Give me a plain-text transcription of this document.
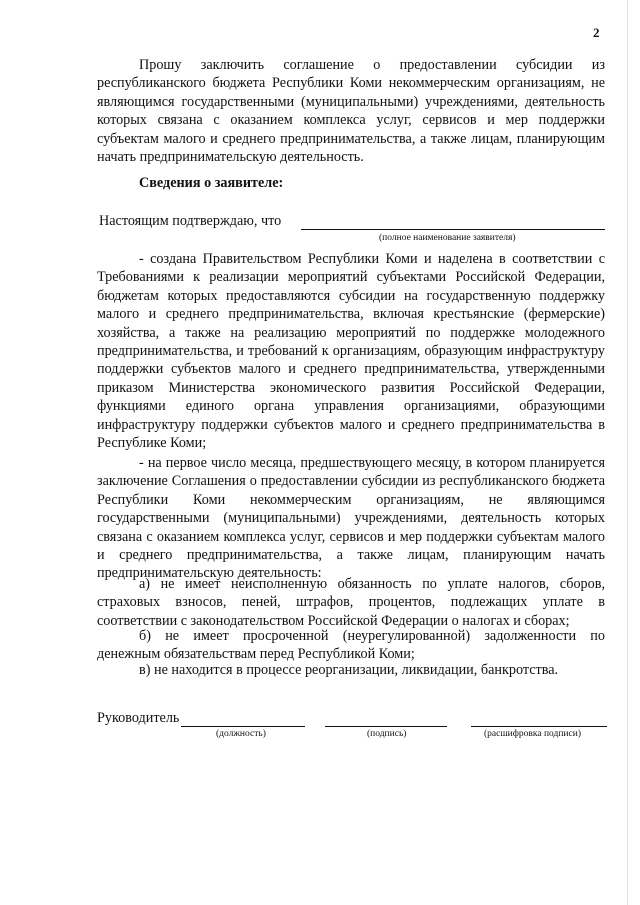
2

Прошу заключить соглашение о предоставлении субсидии из республиканского бюджета Республики Коми некоммерческим организациям, не являющимся государственными (муниципальными) учреждениями, деятельность которых связана с оказанием комплекса услуг, сервисов и мер поддержки субъектам малого и среднего предпринимательства, а также лицам, планирующим начать предпринимательскую деятельность.

Сведения о заявителе:
Настоящим подтверждаю, что
(полное наименование заявителя)

- создана Правительством Республики Коми и наделена в соответствии с Требованиями к реализации мероприятий субъектами Российской Федерации, бюджетам которых предоставляются субсидии на государственную поддержку малого и среднего предпринимательства, включая крестьянские (фермерские) хозяйства, а также на реализацию мероприятий по поддержке молодежного предпринимательства, и требований к организациям, образующим инфраструктуру поддержки субъектов малого и среднего предпринимательства, утвержденными приказом Министерства экономического развития Российской Федерации, функциями единого органа управления организациями, образующими инфраструктуру поддержки субъектов малого и среднего предпринимательства в Республике Коми;

- на первое число месяца, предшествующего месяцу, в котором планируется заключение Соглашения о предоставлении субсидии из республиканского бюджета Республики Коми некоммерческим организациям, не являющимся государственными (муниципальными) учреждениями, деятельность которых связана с оказанием комплекса услуг, сервисов и мер поддержки субъектам малого и среднего предпринимательства, а также лицам, планирующим начать предпринимательскую деятельность:

а) не имеет неисполненную обязанность по уплате налогов, сборов, страховых взносов, пеней, штрафов, процентов, подлежащих уплате в соответствии с законодательством Российской Федерации о налогах и сборах;

б) не имеет просроченной (неурегулированной) задолженности по денежным обязательствам перед Республикой Коми;

в) не находится в процессе реорганизации, ликвидации, банкротства.

Руководитель
(должность)	(подпись)	(расшифровка подписи)
